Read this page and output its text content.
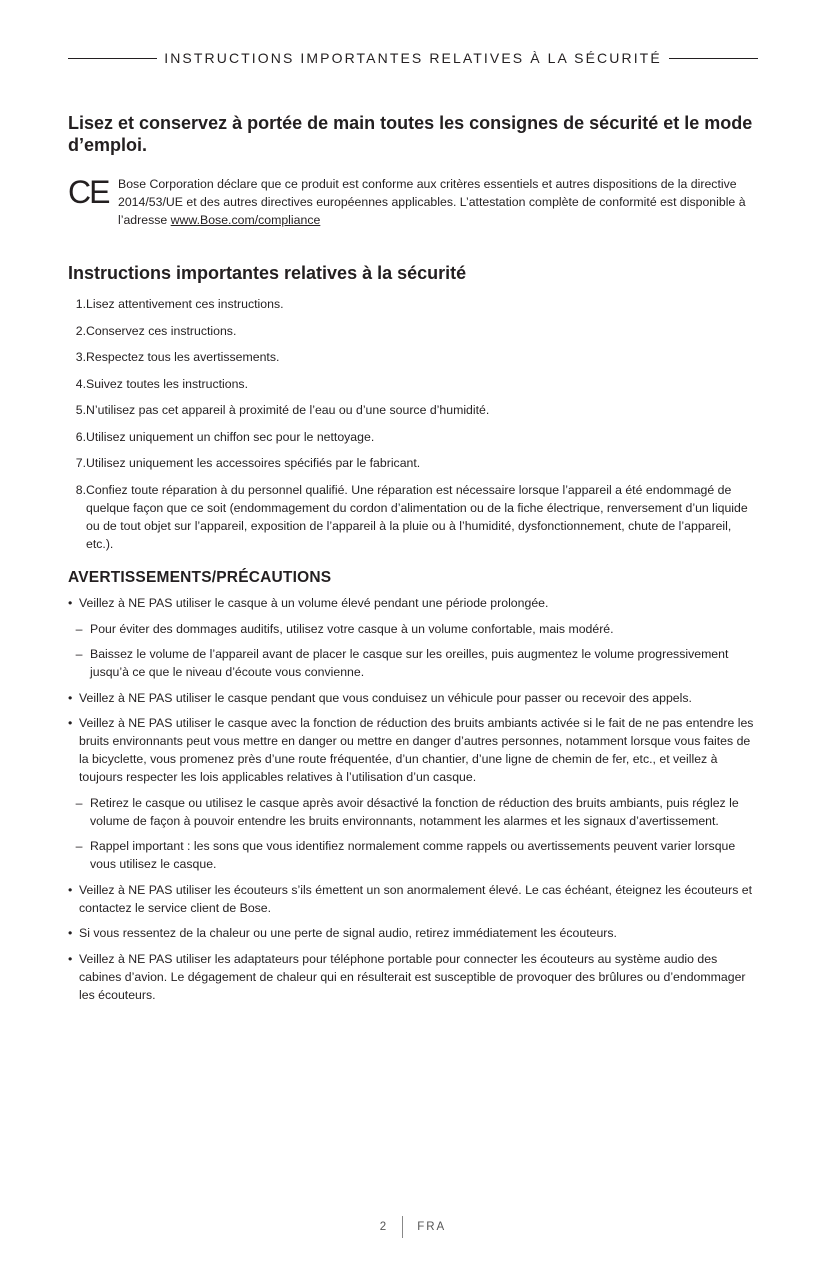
INSTRUCTIONS IMPORTANTES RELATIVES À LA SÉCURITÉ
Lisez et conservez à portée de main toutes les consignes de sécurité et le mode d’emploi.
CE Bose Corporation déclare que ce produit est conforme aux critères essentiels et autres dispositions de la directive 2014/53/UE et des autres directives européennes applicables. L’attestation complète de conformité est disponible à l’adresse www.Bose.com/compliance
Instructions importantes relatives à la sécurité
1. Lisez attentivement ces instructions.
2. Conservez ces instructions.
3. Respectez tous les avertissements.
4. Suivez toutes les instructions.
5. N’utilisez pas cet appareil à proximité de l’eau ou d’une source d’humidité.
6. Utilisez uniquement un chiffon sec pour le nettoyage.
7. Utilisez uniquement les accessoires spécifiés par le fabricant.
8. Confiez toute réparation à du personnel qualifié. Une réparation est nécessaire lorsque l’appareil a été endommagé de quelque façon que ce soit (endommagement du cordon d’alimentation ou de la fiche électrique, renversement d’un liquide ou de tout objet sur l’appareil, exposition de l’appareil à la pluie ou à l’humidité, dysfonctionnement, chute de l’appareil, etc.).
AVERTISSEMENTS/PRÉCAUTIONS
• Veillez à NE PAS utiliser le casque à un volume élevé pendant une période prolongée.
– Pour éviter des dommages auditifs, utilisez votre casque à un volume confortable, mais modéré.
– Baissez le volume de l’appareil avant de placer le casque sur les oreilles, puis augmentez le volume progressivement jusqu’à ce que le niveau d’écoute vous convienne.
• Veillez à NE PAS utiliser le casque pendant que vous conduisez un véhicule pour passer ou recevoir des appels.
• Veillez à NE PAS utiliser le casque avec la fonction de réduction des bruits ambiants activée si le fait de ne pas entendre les bruits environnants peut vous mettre en danger ou mettre en danger d’autres personnes, notamment lorsque vous faites de la bicyclette, vous promenez près d’une route fréquentée, d’un chantier, d’une ligne de chemin de fer, etc., et veillez à toujours respecter les lois applicables relatives à l’utilisation d’un casque.
– Retirez le casque ou utilisez le casque après avoir désactivé la fonction de réduction des bruits ambiants, puis réglez le volume de façon à pouvoir entendre les bruits environnants, notamment les alarmes et les signaux d’avertissement.
– Rappel important : les sons que vous identifiez normalement comme rappels ou avertissements peuvent varier lorsque vous utilisez le casque.
• Veillez à NE PAS utiliser les écouteurs s’ils émettent un son anormalement élevé. Le cas échéant, éteignez les écouteurs et contactez le service client de Bose.
• Si vous ressentez de la chaleur ou une perte de signal audio, retirez immédiatement les écouteurs.
• Veillez à NE PAS utiliser les adaptateurs pour téléphone portable pour connecter les écouteurs au système audio des cabines d’avion. Le dégagement de chaleur qui en résulterait est susceptible de provoquer des brûlures ou d’endommager les écouteurs.
2	FRA
